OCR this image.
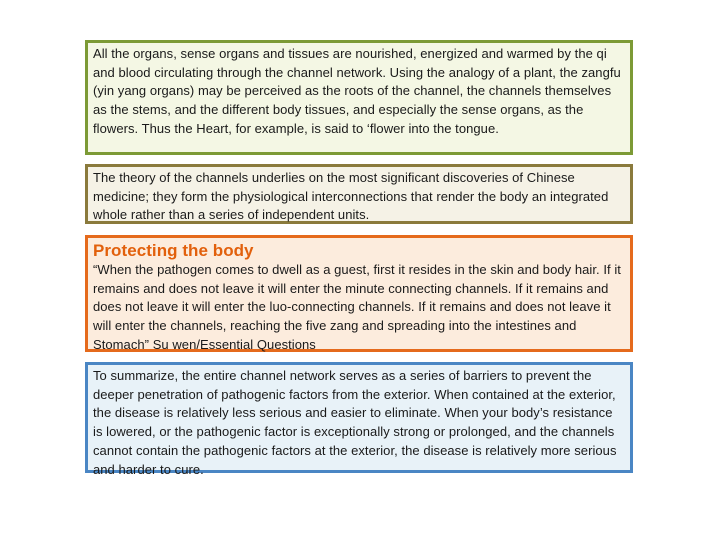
All the organs, sense organs and tissues are nourished, energized and warmed by the qi and blood circulating through the channel network. Using the analogy of a plant, the zangfu (yin yang organs) may be perceived as the roots of the channel, the channels themselves as the stems, and the different body tissues, and especially the sense organs, as the flowers. Thus the Heart, for example, is said to ‘flower into the tongue.

The theory of the channels underlies on the most significant discoveries of Chinese medicine; they form the physiological interconnections that render the body an integrated whole rather than a series of independent units.

Protecting the body

“When the pathogen comes to dwell as a guest, first it resides in the skin and body hair. If it remains and does not leave it will enter the minute connecting channels. If it remains and does not leave it will enter the luo-connecting channels. If it remains and does not leave it will enter the channels, reaching the five zang and spreading into the intestines and Stomach” Su wen/Essential Questions

To summarize, the entire channel network serves as a series of barriers to prevent the deeper penetration of pathogenic factors from the exterior. When contained at the exterior, the disease is relatively less serious and easier to eliminate. When your body’s resistance is lowered, or the pathogenic factor is exceptionally strong or prolonged, and the channels cannot contain the pathogenic factors at the exterior, the disease is relatively more serious and harder to cure.
